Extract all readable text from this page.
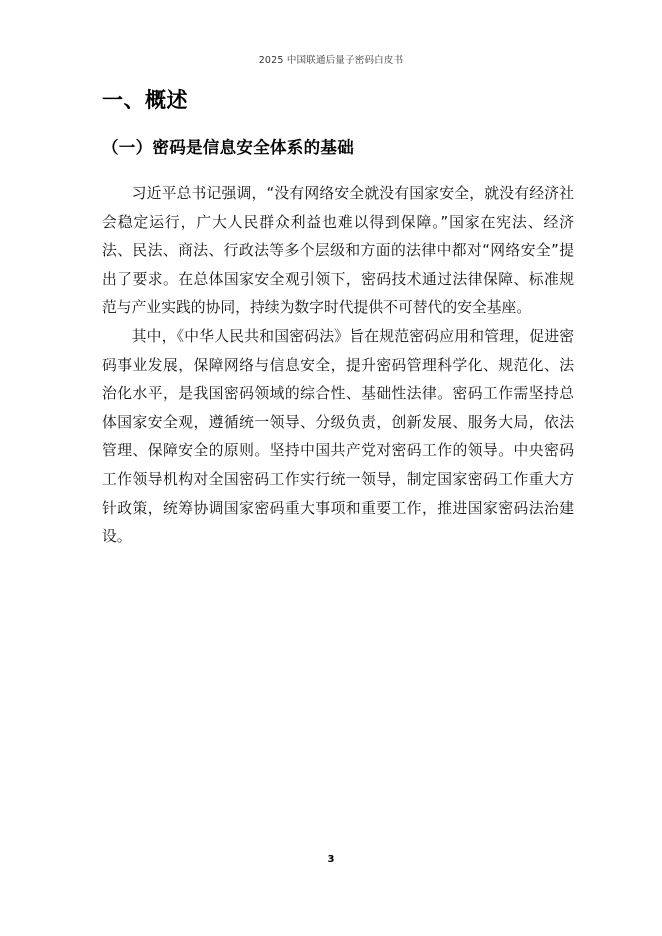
2025 中国联通后量子密码白皮书
一、概述
（一）密码是信息安全体系的基础

习近平总书记强调，“没有网络安全就没有国家安全，就没有经济社会稳定运行，广大人民群众利益也难以得到保障。”国家在宪法、经济法、民法、商法、行政法等多个层级和方面的法律中都对“网络安全”提出了要求。在总体国家安全观引领下，密码技术通过法律保障、标准规范与产业实践的协同，持续为数字时代提供不可替代的安全基座。

其中，《中华人民共和国密码法》旨在规范密码应用和管理，促进密码事业发展，保障网络与信息安全，提升密码管理科学化、规范化、法治化水平，是我国密码领域的综合性、基础性法律。密码工作需坚持总体国家安全观，遵循统一领导、分级负责，创新发展、服务大局，依法管理、保障安全的原则。坚持中国共产党对密码工作的领导。中央密码工作领导机构对全国密码工作实行统一领导，制定国家密码工作重大方针政策，统筹协调国家密码重大事项和重要工作，推进国家密码法治建设。

3
